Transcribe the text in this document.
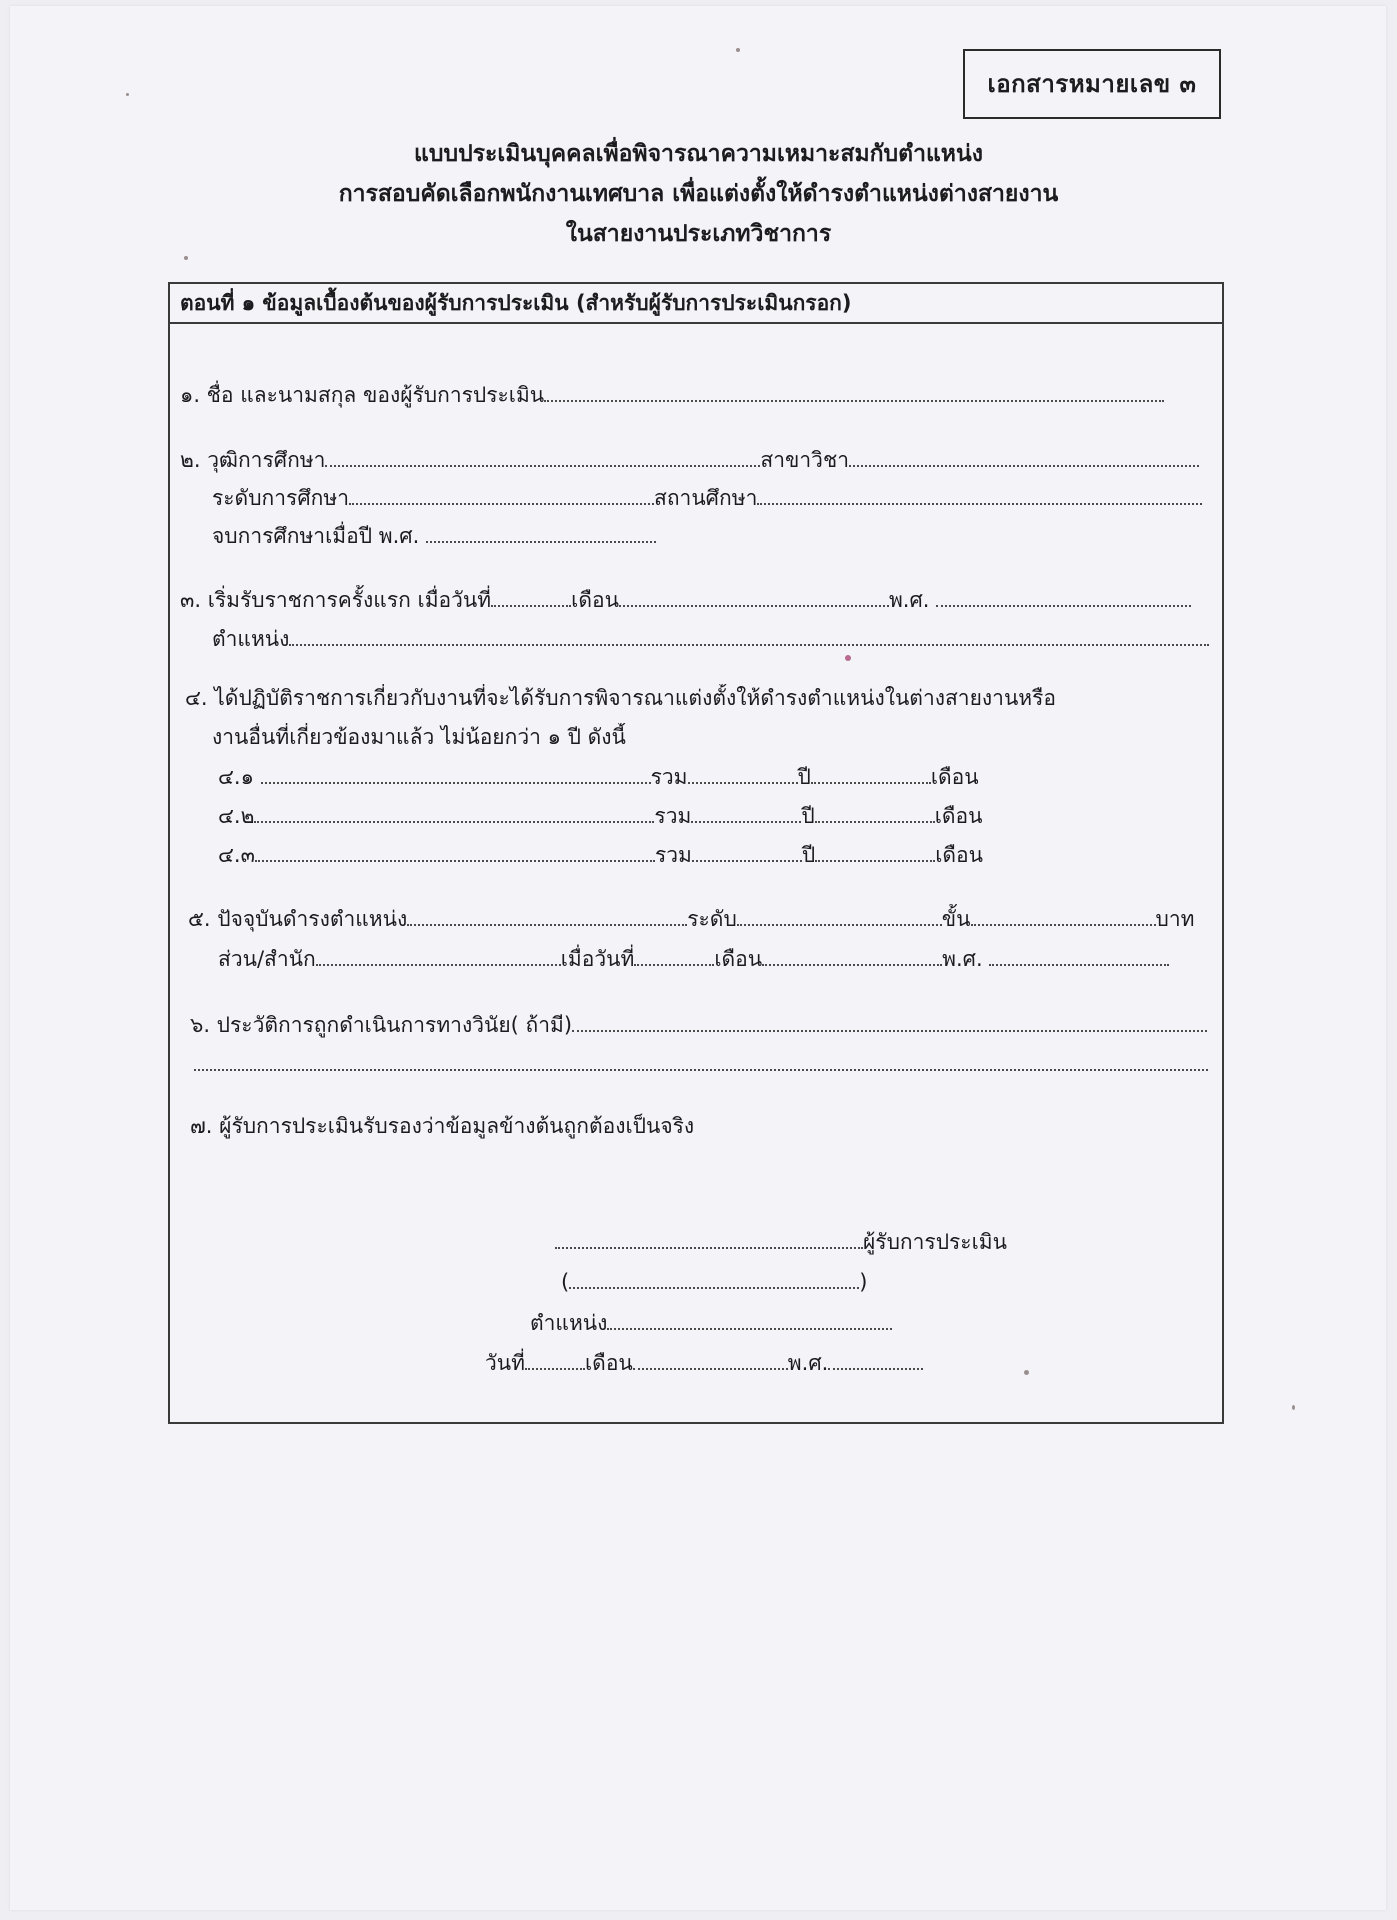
เอกสารหมายเลข ๓
แบบประเมินบุคคลเพื่อพิจารณาความเหมาะสมกับตำแหน่ง
การสอบคัดเลือกพนักงานเทศบาล เพื่อแต่งตั้งให้ดำรงตำแหน่งต่างสายงาน
ในสายงานประเภทวิชาการ
ตอนที่ ๑ ข้อมูลเบื้องต้นของผู้รับการประเมิน (สำหรับผู้รับการประเมินกรอก)
๑. ชื่อ และนามสกุล ของผู้รับการประเมิน
๒. วุฒิการศึกษา	สาขาวิชา
ระดับการศึกษา	สถานศึกษา
จบการศึกษาเมื่อปี พ.ศ.
๓. เริ่มรับราชการครั้งแรก เมื่อวันที่	เดือน	พ.ศ.
ตำแหน่ง
๔. ได้ปฏิบัติราชการเกี่ยวกับงานที่จะได้รับการพิจารณาแต่งตั้งให้ดำรงตำแหน่งในต่างสายงานหรือ
งานอื่นที่เกี่ยวข้องมาแล้ว ไม่น้อยกว่า ๑ ปี ดังนี้
๔.๑	รวม	ปี	เดือน
๔.๒	รวม	ปี	เดือน
๔.๓	รวม	ปี	เดือน
๕. ปัจจุบันดำรงตำแหน่ง	ระดับ	ขั้น	บาท
ส่วน/สำนัก	เมื่อวันที่	เดือน	พ.ศ.
๖. ประวัติการถูกดำเนินการทางวินัย( ถ้ามี)
๗. ผู้รับการประเมินรับรองว่าข้อมูลข้างต้นถูกต้องเป็นจริง
ผู้รับการประเมิน
(	)
ตำแหน่ง
วันที่	เดือน	พ.ศ.
